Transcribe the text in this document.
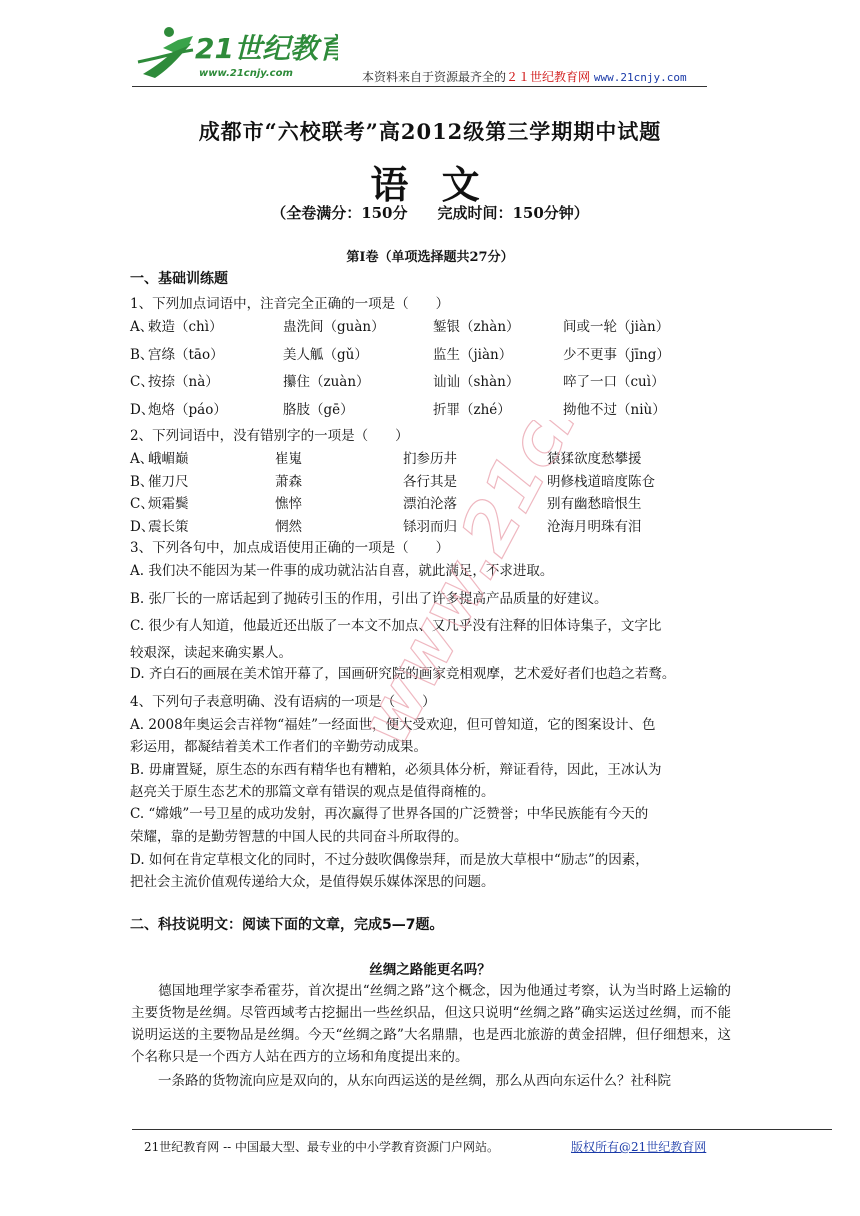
21世纪教育
www.21cnjy.com	本资料来自于资源最齐全的２１世纪教育网 www.21cnjy.com
成都市“六校联考”高2012级第三学期期中试题
语 文
（全卷满分：150分　　完成时间：150分钟）
第Ⅰ卷（单项选择题共27分）
一、基础训练题
1、下列加点词语中，注音完全正确的一项是（　　）
A、
敕造（chì）	蛊洗间（guàn）	錾银（zhàn）	间或一轮（jiàn）
B、
宫绦（tāo）	美人觚（gǔ）	监生（jiàn）	少不更事（jīng）
C、
按捺（nà）	攥住（zuàn）	讪讪（shàn）	啐了一口（cuì）
D、
炮烙（páo）	胳肢（gē）	折罪（zhé）	拗他不过（niù）
2、下列词语中，没有错别字的一项是（　　）
A、
峨嵋巅	崔嵬	扪参历井	猿猱欲度愁攀援
B、
催刀尺	萧森	各行其是	明修栈道暗度陈仓
C、
烦霜鬓	憔悴	漂泊沦落	别有幽愁暗恨生
D、
震长策	惘然	铩羽而归	沧海月明珠有泪
3、下列各句中，加点成语使用正确的一项是（　　）
A. 我们决不能因为某一件事的成功就沾沾自喜，就此满足，不求进取。
B. 张厂长的一席话起到了抛砖引玉的作用，引出了许多提高产品质量的好建议。
C. 很少有人知道，他最近还出版了一本文不加点、又几乎没有注释的旧体诗集子，文字比
较艰深，读起来确实累人。
D. 齐白石的画展在美术馆开幕了，国画研究院的画家竞相观摩，艺术爱好者们也趋之若鹜。
4、下列句子表意明确、没有语病的一项是（　　）
A. 2008年奥运会吉祥物“福娃”一经面世，便大受欢迎，但可曾知道，它的图案设计、色
彩运用，都凝结着美术工作者们的辛勤劳动成果。
B. 毋庸置疑，原生态的东西有精华也有糟粕，必须具体分析，辩证看待，因此，王冰认为
赵亮关于原生态艺术的那篇文章有错误的观点是值得商榷的。
C. “嫦娥”一号卫星的成功发射，再次赢得了世界各国的广泛赞誉；中华民族能有今天的
荣耀，靠的是勤劳智慧的中国人民的共同奋斗所取得的。
D. 如何在肯定草根文化的同时，不过分鼓吹偶像崇拜，而是放大草根中“励志”的因素，
把社会主流价值观传递给大众，是值得娱乐媒体深思的问题。
二、科技说明文：阅读下面的文章，完成5—7题。
丝绸之路能更名吗？
　　德国地理学家李希霍芬，首次提出“丝绸之路”这个概念，因为他通过考察，认为当时路上运输的主要货物是丝绸。尽管西域考古挖掘出一些丝织品，但这只说明“丝绸之路”确实运送过丝绸，而不能说明运送的主要物品是丝绸。今天“丝绸之路”大名鼎鼎，也是西北旅游的黄金招牌，但仔细想来，这个名称只是一个西方人站在西方的立场和角度提出来的。
　　一条路的货物流向应是双向的，从东向西运送的是丝绸，那么从西向东运什么？社科院
www.21cnjy.com
21世纪教育网 -- 中国最大型、最专业的中小学教育资源门户网站。	版权所有@21世纪教育网
